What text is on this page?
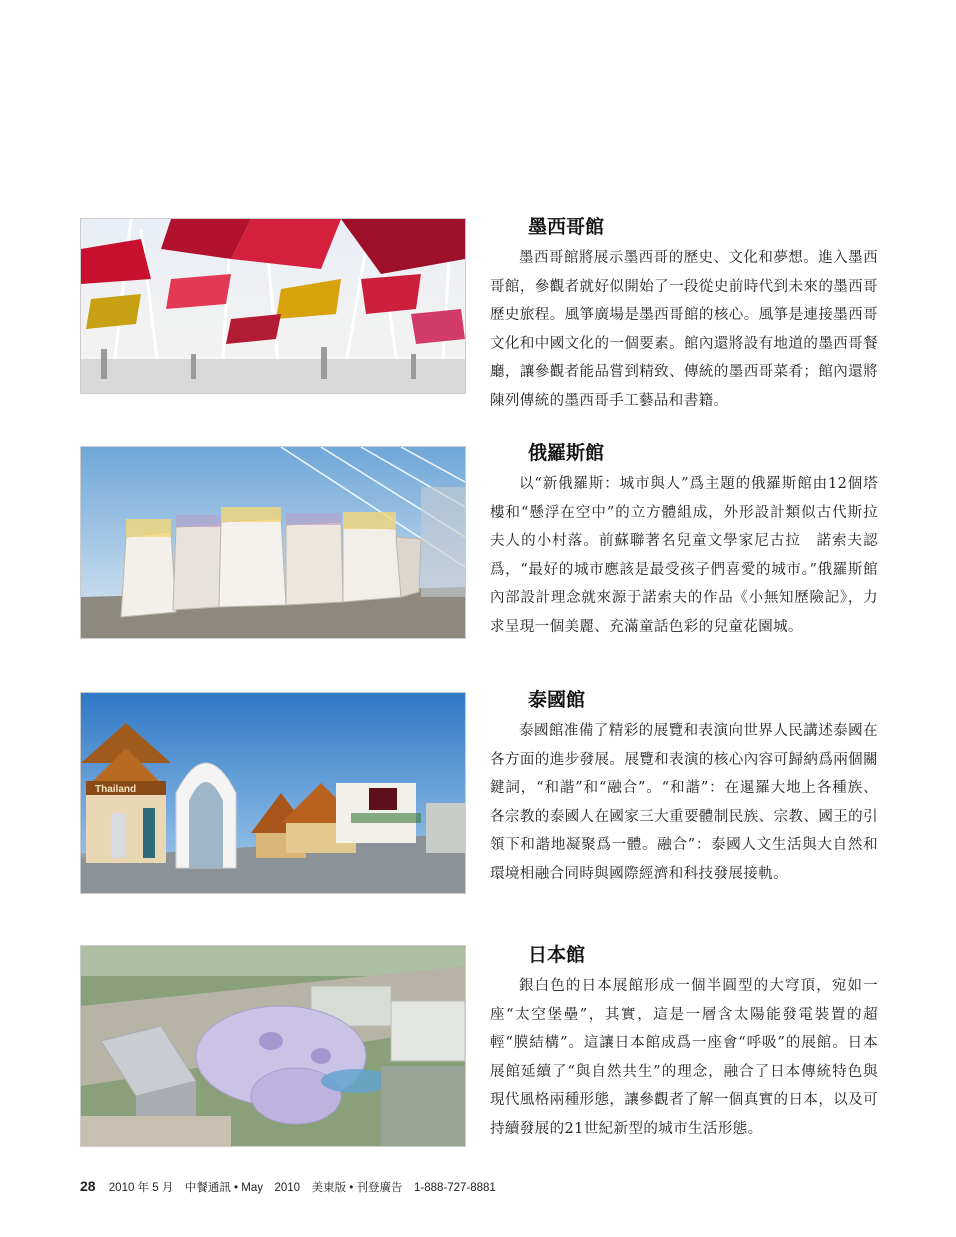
墨西哥館

墨西哥館將展示墨西哥的歷史、文化和夢想。進入墨西哥館，參觀者就好似開始了一段從史前時代到未來的墨西哥歷史旅程。風箏廣場是墨西哥館的核心。風箏是連接墨西哥文化和中國文化的一個要素。館內還將設有地道的墨西哥餐廳，讓參觀者能品嘗到精致、傳統的墨西哥菜肴；館內還將陳列傳統的墨西哥手工藝品和書籍。

俄羅斯館

以“新俄羅斯：城市與人”爲主題的俄羅斯館由12個塔樓和“懸浮在空中”的立方體組成，外形設計類似古代斯拉夫人的小村落。前蘇聯著名兒童文學家尼古拉　諾索夫認爲，“最好的城市應該是最受孩子們喜愛的城市。”俄羅斯館內部設計理念就來源于諾索夫的作品《小無知歷險記》，力求呈現一個美麗、充滿童話色彩的兒童花園城。

Thailand
泰國館

泰國館准備了精彩的展覽和表演向世界人民講述泰國在各方面的進步發展。展覽和表演的核心內容可歸納爲兩個關鍵詞，“和諧”和“融合”。“和諧”：在暹羅大地上各種族、各宗教的泰國人在國家三大重要體制民族、宗教、國王的引領下和諧地凝聚爲一體。融合”：泰國人文生活與大自然和環境相融合同時與國際經濟和科技發展接軌。

日本館

銀白色的日本展館形成一個半圓型的大穹頂，宛如一座“太空堡壘”，其實，這是一層含太陽能發電裝置的超輕“膜結構”。這讓日本館成爲一座會“呼吸”的展館。日本展館延續了“與自然共生”的理念，融合了日本傳統特色與現代風格兩種形態，讓參觀者了解一個真實的日本，以及可持續發展的21世紀新型的城市生活形態。

28 2010 年 5 月　中餐通訊 • May　2010　美東版 • 刊登廣告　1-888-727-8881
